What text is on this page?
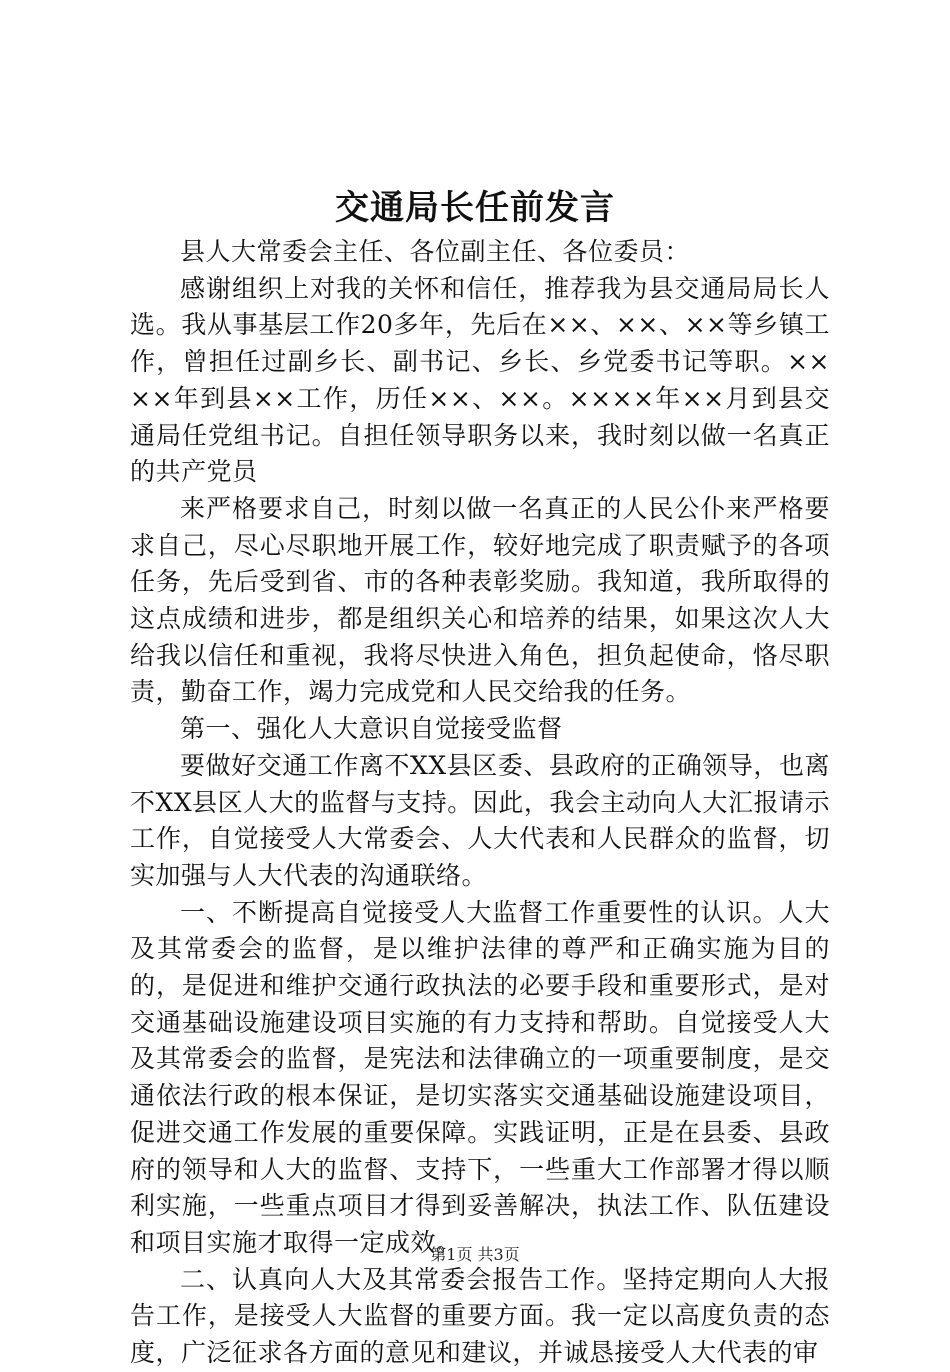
交通局长任前发言

县人大常委会主任、各位副主任、各位委员：

感谢组织上对我的关怀和信任，推荐我为县交通局局长人选。我从事基层工作20多年，先后在××、××、××等乡镇工作，曾担任过副乡长、副书记、乡长、乡党委书记等职。××××年到县××工作，历任××、××。××××年××月到县交通局任党组书记。自担任领导职务以来，我时刻以做一名真正的共产党员

来严格要求自己，时刻以做一名真正的人民公仆来严格要求自己，尽心尽职地开展工作，较好地完成了职责赋予的各项任务，先后受到省、市的各种表彰奖励。我知道，我所取得的这点成绩和进步，都是组织关心和培养的结果，如果这次人大给我以信任和重视，我将尽快进入角色，担负起使命，恪尽职责，勤奋工作，竭力完成党和人民交给我的任务。

第一、强化人大意识自觉接受监督

要做好交通工作离不XX县区委、县政府的正确领导，也离不XX县区人大的监督与支持。因此，我会主动向人大汇报请示工作，自觉接受人大常委会、人大代表和人民群众的监督，切实加强与人大代表的沟通联络。

一、不断提高自觉接受人大监督工作重要性的认识。人大及其常委会的监督，是以维护法律的尊严和正确实施为目的的，是促进和维护交通行政执法的必要手段和重要形式，是对交通基础设施建设项目实施的有力支持和帮助。自觉接受人大及其常委会的监督，是宪法和法律确立的一项重要制度，是交通依法行政的根本保证，是切实落实交通基础设施建设项目，促进交通工作发展的重要保障。实践证明，正是在县委、县政府的领导和人大的监督、支持下，一些重大工作部署才得以顺利实施，一些重点项目才得到妥善解决，执法工作、队伍建设和项目实施才取得一定成效。

二、认真向人大及其常委会报告工作。坚持定期向人大报告工作，是接受人大监督的重要方面。我一定以高度负责的态度，广泛征求各方面的意见和建议，并诚恳接受人大代表的审

第1页 共3页
